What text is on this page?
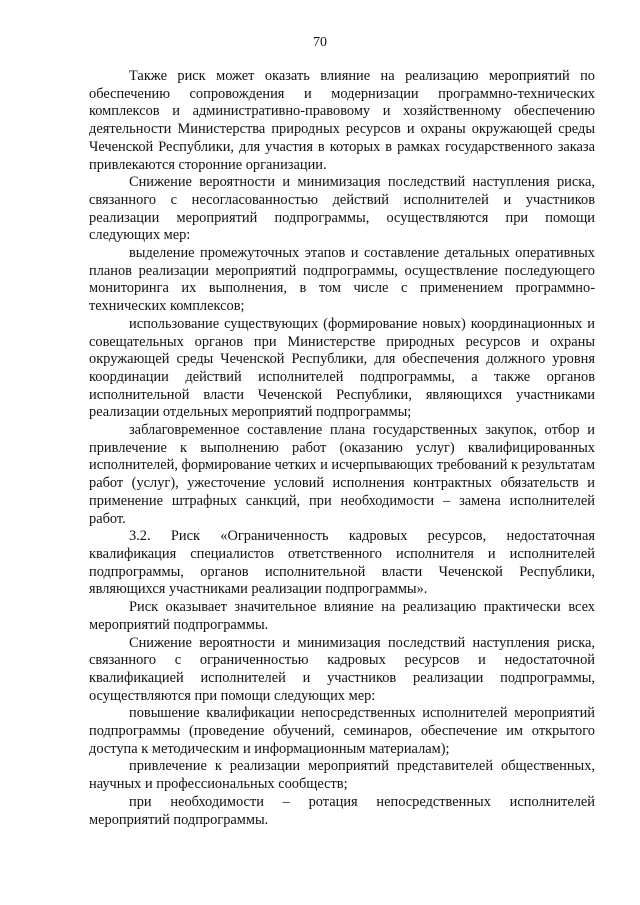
70

Также риск может оказать влияние на реализацию мероприятий по обеспечению сопровождения и модернизации программно-технических комплексов и административно-правовому и хозяйственному обеспечению деятельности Министерства природных ресурсов и охраны окружающей среды Чеченской Республики, для участия в которых в рамках государственного заказа привлекаются сторонние организации.

Снижение вероятности и минимизация последствий наступления риска, связанного с несогласованностью действий исполнителей и участников реализации мероприятий подпрограммы, осуществляются при помощи следующих мер:

выделение промежуточных этапов и составление детальных оперативных планов реализации мероприятий подпрограммы, осуществление последующего мониторинга их выполнения, в том числе с применением программно-технических комплексов;

использование существующих (формирование новых) координационных и совещательных органов при Министерстве природных ресурсов и охраны окружающей среды Чеченской Республики, для обеспечения должного уровня координации действий исполнителей подпрограммы, а также органов исполнительной власти Чеченской Республики, являющихся участниками реализации отдельных мероприятий подпрограммы;

заблаговременное составление плана государственных закупок, отбор и привлечение к выполнению работ (оказанию услуг) квалифицированных исполнителей, формирование четких и исчерпывающих требований к результатам работ (услуг), ужесточение условий исполнения контрактных обязательств и применение штрафных санкций, при необходимости – замена исполнителей работ.

3.2. Риск «Ограниченность кадровых ресурсов, недостаточная квалификация специалистов ответственного исполнителя и исполнителей подпрограммы, органов исполнительной власти Чеченской Республики, являющихся участниками реализации подпрограммы».

Риск оказывает значительное влияние на реализацию практически всех мероприятий подпрограммы.

Снижение вероятности и минимизация последствий наступления риска, связанного с ограниченностью кадровых ресурсов и недостаточной квалификацией исполнителей и участников реализации подпрограммы, осуществляются при помощи следующих мер:

повышение квалификации непосредственных исполнителей мероприятий подпрограммы (проведение обучений, семинаров, обеспечение им открытого доступа к методическим и информационным материалам);

привлечение к реализации мероприятий представителей общественных, научных и профессиональных сообществ;

при необходимости – ротация непосредственных исполнителей мероприятий подпрограммы.
